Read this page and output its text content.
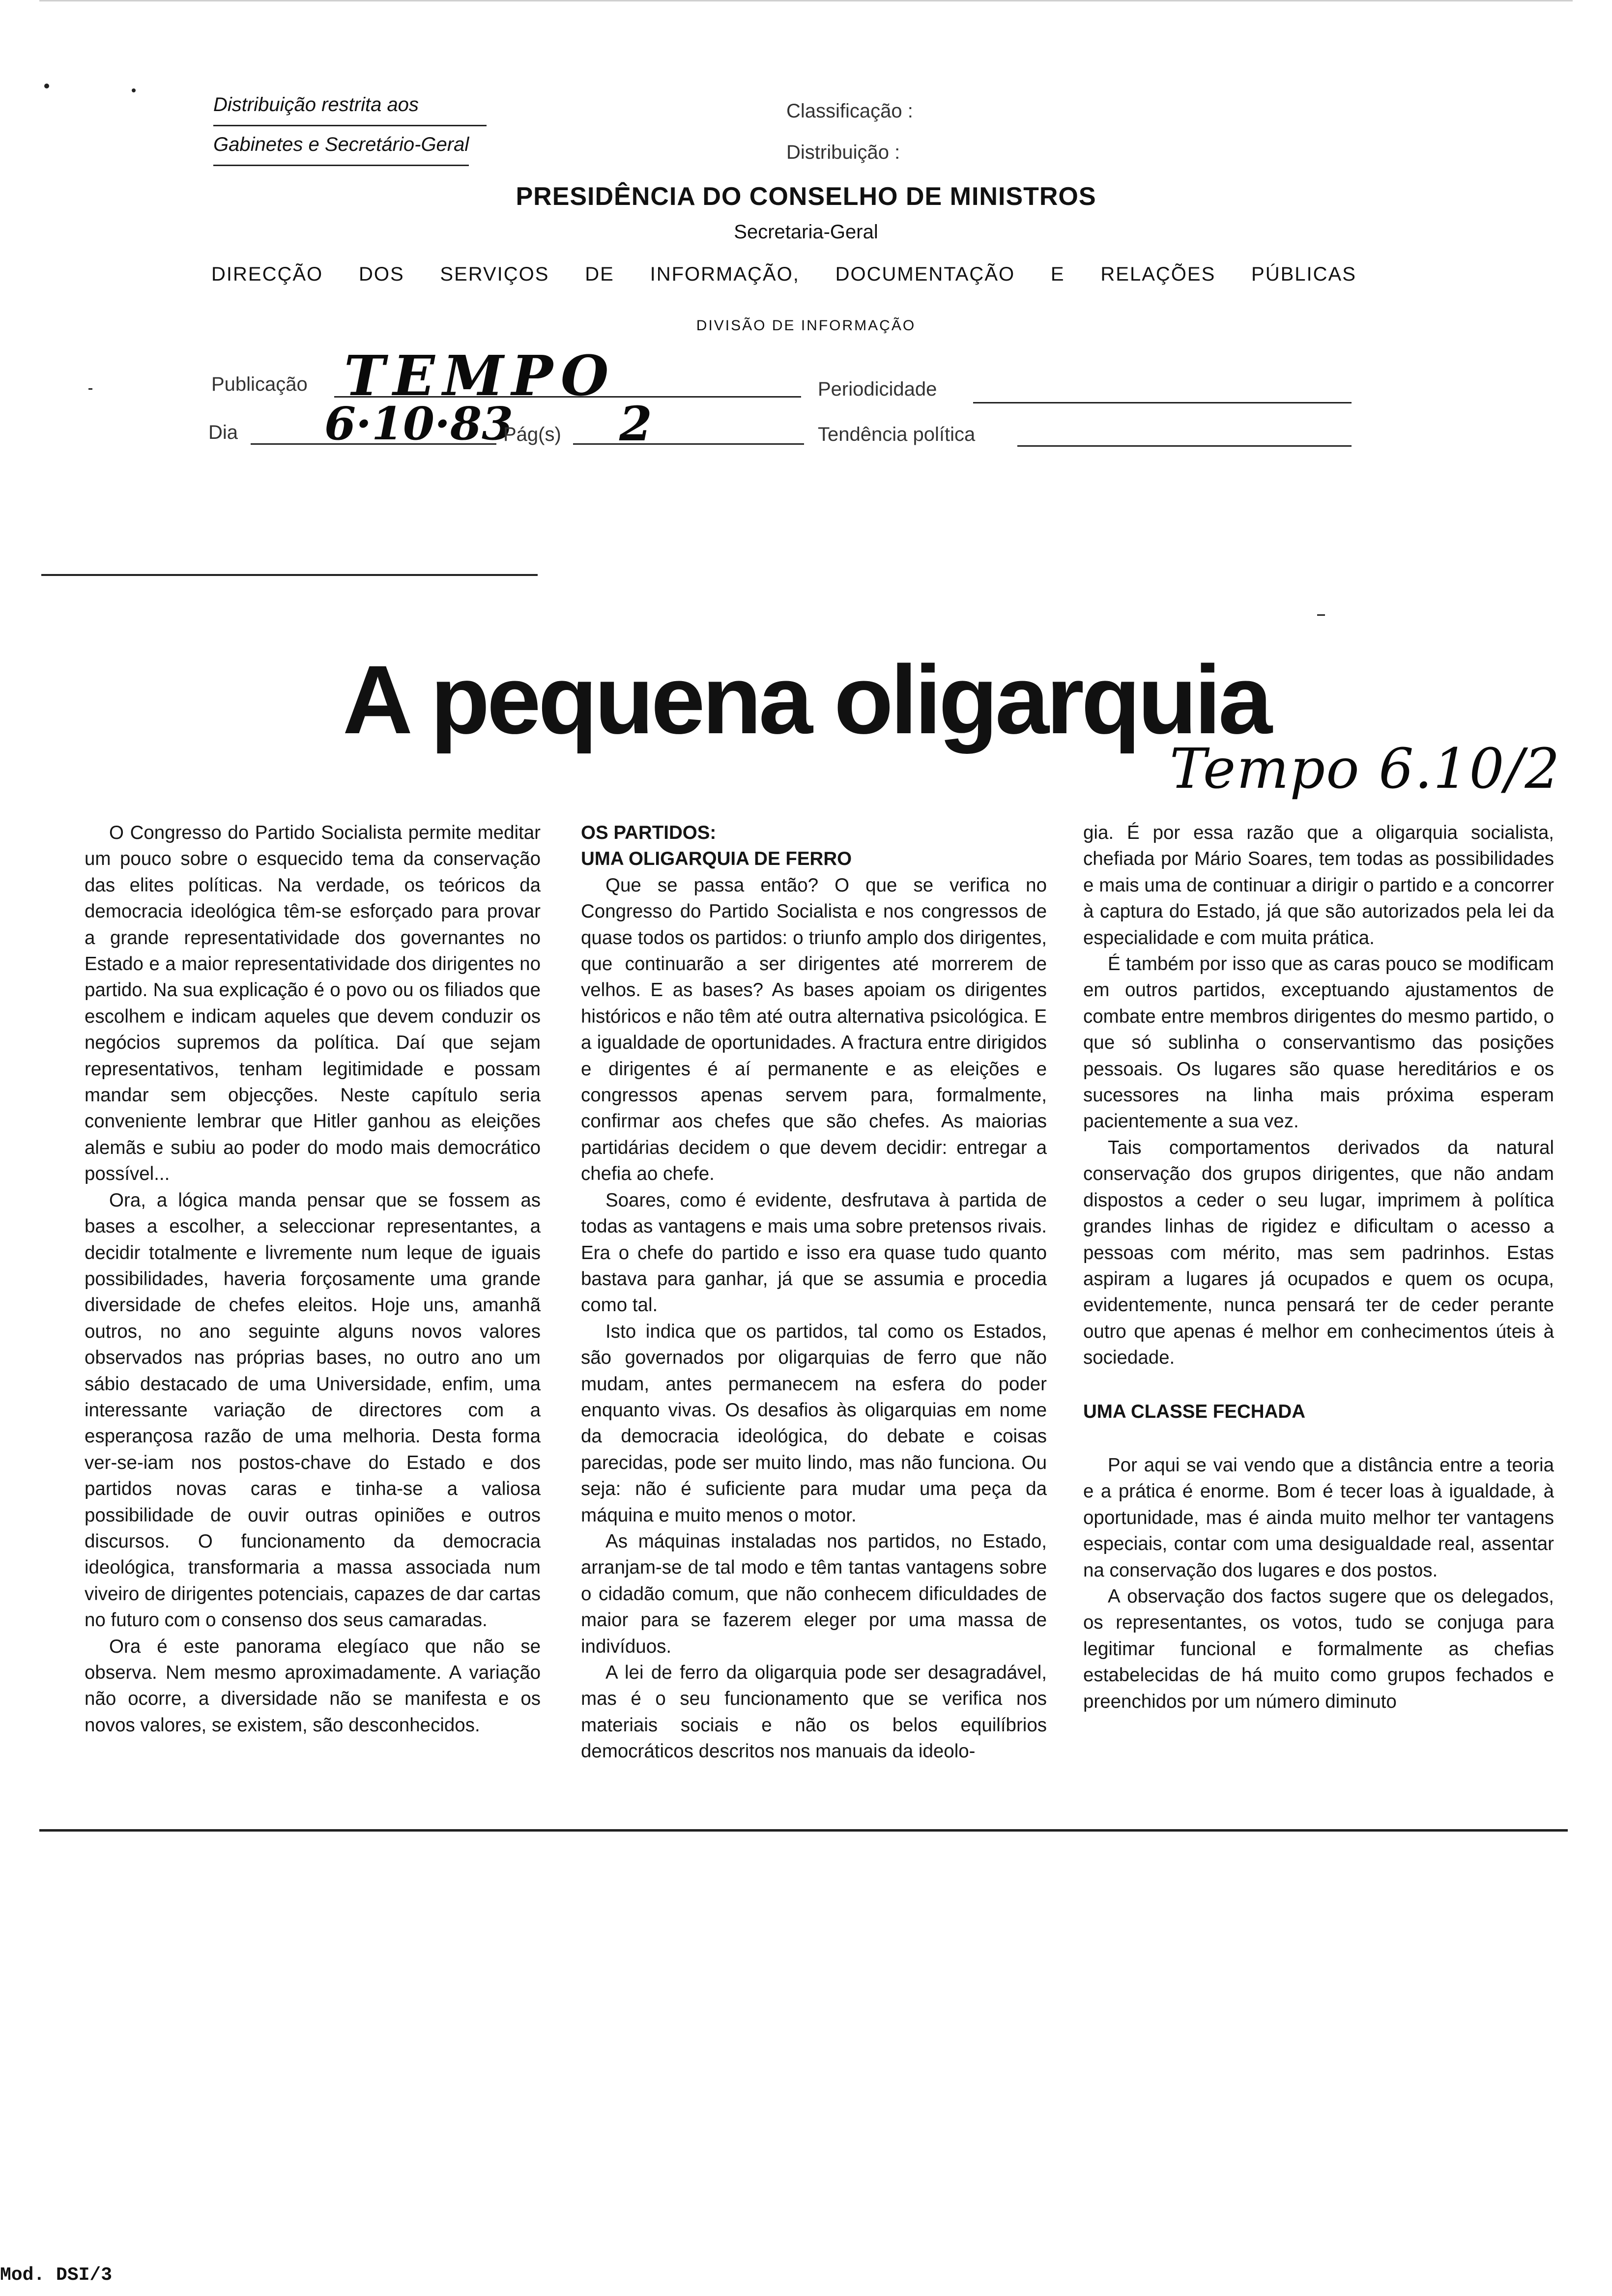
Distribuição restrita aos
Gabinetes e Secretário-Geral
Classificação :
Distribuição :
PRESIDÊNCIA DO CONSELHO DE MINISTROS
Secretaria-Geral
DIRECÇÃO DOS SERVIÇOS DE INFORMAÇÃO, DOCUMENTAÇÃO E RELAÇÕES PÚBLICAS
DIVISÃO DE INFORMAÇÃO
Publicação TEMPO	Periodicidade
Dia 6·10·83
Pág(s) 2	Tendência política
A pequena oligarquia
Tempo 6.10/2

O Congresso do Partido Socialista permite meditar um pouco sobre o esquecido tema da conservação das elites políticas. Na verdade, os teóricos da democracia ideológica têm-se esforçado para provar a grande representatividade dos governantes no Estado e a maior representatividade dos dirigentes no partido. Na sua explicação é o povo ou os filiados que escolhem e indicam aqueles que devem conduzir os negócios supremos da política. Daí que sejam representativos, tenham legitimidade e possam mandar sem objecções. Neste capítulo seria conveniente lembrar que Hitler ganhou as eleições alemãs e subiu ao poder do modo mais democrático possível...

Ora, a lógica manda pensar que se fossem as bases a escolher, a seleccionar representantes, a decidir totalmente e livremente num leque de iguais possibilidades, haveria forçosamente uma grande diversidade de chefes eleitos. Hoje uns, amanhã outros, no ano seguinte alguns novos valores observados nas próprias bases, no outro ano um sábio destacado de uma Universidade, enfim, uma interessante variação de directores com a esperançosa razão de uma melhoria. Desta forma ver-se-iam nos postos-chave do Estado e dos partidos novas caras e tinha-se a valiosa possibilidade de ouvir outras opiniões e outros discursos. O funcionamento da democracia ideológica, transformaria a massa associada num viveiro de dirigentes potenciais, capazes de dar cartas no futuro com o consenso dos seus camaradas.

Ora é este panorama elegíaco que não se observa. Nem mesmo aproximadamente. A variação não ocorre, a diversidade não se manifesta e os novos valores, se existem, são desconhecidos.

OS PARTIDOS:
UMA OLIGARQUIA DE FERRO

Que se passa então? O que se verifica no Congresso do Partido Socialista e nos congressos de quase todos os partidos: o triunfo amplo dos dirigentes, que continuarão a ser dirigentes até morrerem de velhos. E as bases? As bases apoiam os dirigentes históricos e não têm até outra alternativa psicológica. E a igualdade de oportunidades. A fractura entre dirigidos e dirigentes é aí permanente e as eleições e congressos apenas servem para, formalmente, confirmar aos chefes que são chefes. As maiorias partidárias decidem o que devem decidir: entregar a chefia ao chefe.

Soares, como é evidente, desfrutava à partida de todas as vantagens e mais uma sobre pretensos rivais. Era o chefe do partido e isso era quase tudo quanto bastava para ganhar, já que se assumia e procedia como tal.

Isto indica que os partidos, tal como os Estados, são governados por oligarquias de ferro que não mudam, antes permanecem na esfera do poder enquanto vivas. Os desafios às oligarquias em nome da democracia ideológica, do debate e coisas parecidas, pode ser muito lindo, mas não funciona. Ou seja: não é suficiente para mudar uma peça da máquina e muito menos o motor.

As máquinas instaladas nos partidos, no Estado, arranjam-se de tal modo e têm tantas vantagens sobre o cidadão comum, que não conhecem dificuldades de maior para se fazerem eleger por uma massa de indivíduos.

A lei de ferro da oligarquia pode ser desagradável, mas é o seu funcionamento que se verifica nos materiais sociais e não os belos equilíbrios democráticos descritos nos manuais da ideolo-

gia. É por essa razão que a oligarquia socialista, chefiada por Mário Soares, tem todas as possibilidades e mais uma de continuar a dirigir o partido e a concorrer à captura do Estado, já que são autorizados pela lei da especialidade e com muita prática.

É também por isso que as caras pouco se modificam em outros partidos, exceptuando ajustamentos de combate entre membros dirigentes do mesmo partido, o que só sublinha o conservantismo das posições pessoais. Os lugares são quase hereditários e os sucessores na linha mais próxima esperam pacientemente a sua vez.

Tais comportamentos derivados da natural conservação dos grupos dirigentes, que não andam dispostos a ceder o seu lugar, imprimem à política grandes linhas de rigidez e dificultam o acesso a pessoas com mérito, mas sem padrinhos. Estas aspiram a lugares já ocupados e quem os ocupa, evidentemente, nunca pensará ter de ceder perante outro que apenas é melhor em conhecimentos úteis à sociedade.

UMA CLASSE FECHADA

Por aqui se vai vendo que a distância entre a teoria e a prática é enorme. Bom é tecer loas à igualdade, à oportunidade, mas é ainda muito melhor ter vantagens especiais, contar com uma desigualdade real, assentar na conservação dos lugares e dos postos.

A observação dos factos sugere que os delegados, os representantes, os votos, tudo se conjuga para legitimar funcional e formalmente as chefias estabelecidas de há muito como grupos fechados e preenchidos por um número diminuto

Mod. DSI/3
